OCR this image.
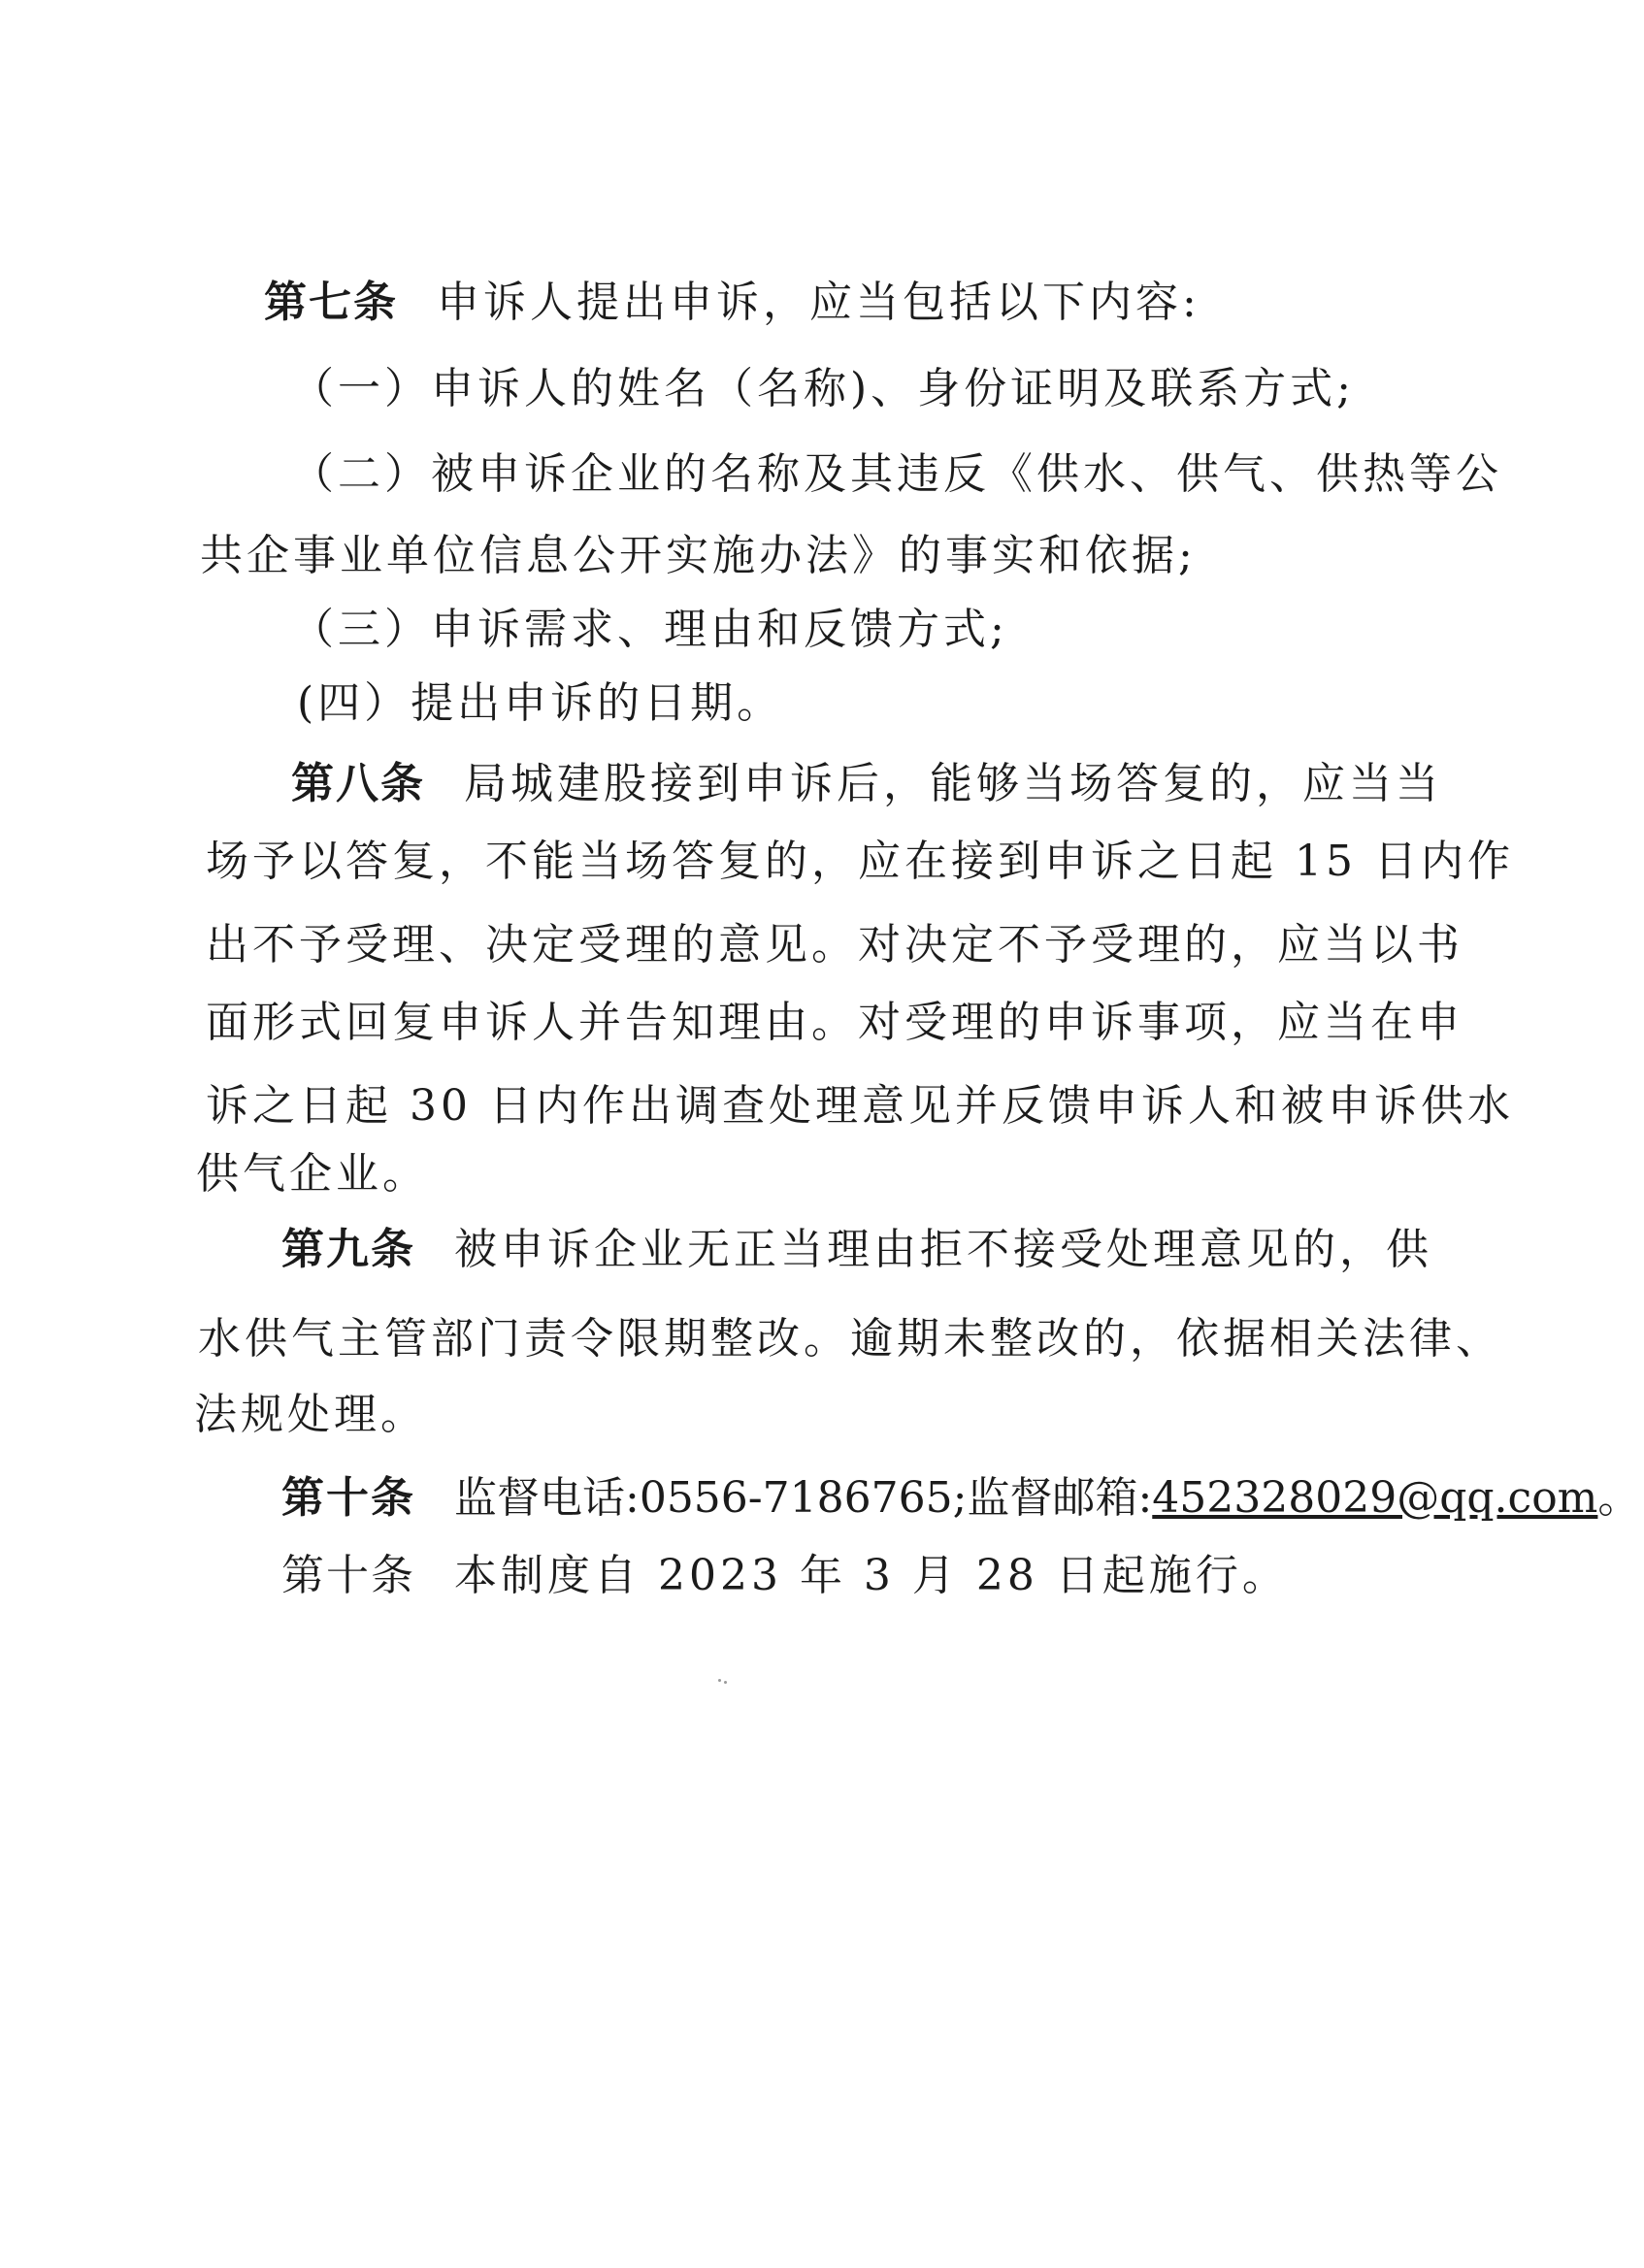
第七条 申诉人提出申诉，应当包括以下内容:
（一）申诉人的姓名（名称)、身份证明及联系方式;
（二）被申诉企业的名称及其违反《供水、供气、供热等公
共企事业单位信息公开实施办法》的事实和依据;
（三）申诉需求、理由和反馈方式;
(四）提出申诉的日期。
第八条 局城建股接到申诉后，能够当场答复的，应当当
场予以答复，不能当场答复的，应在接到申诉之日起 15 日内作
出不予受理、决定受理的意见。对决定不予受理的，应当以书
面形式回复申诉人并告知理由。对受理的申诉事项，应当在申
诉之日起 30 日内作出调查处理意见并反馈申诉人和被申诉供水
供气企业。
第九条 被申诉企业无正当理由拒不接受处理意见的，供
水供气主管部门责令限期整改。逾期未整改的，依据相关法律、
法规处理。
第十条 监督电话:0556-7186765;监督邮箱:452328029@qq.com。
第十条 本制度自 2023 年 3 月 28 日起施行。
